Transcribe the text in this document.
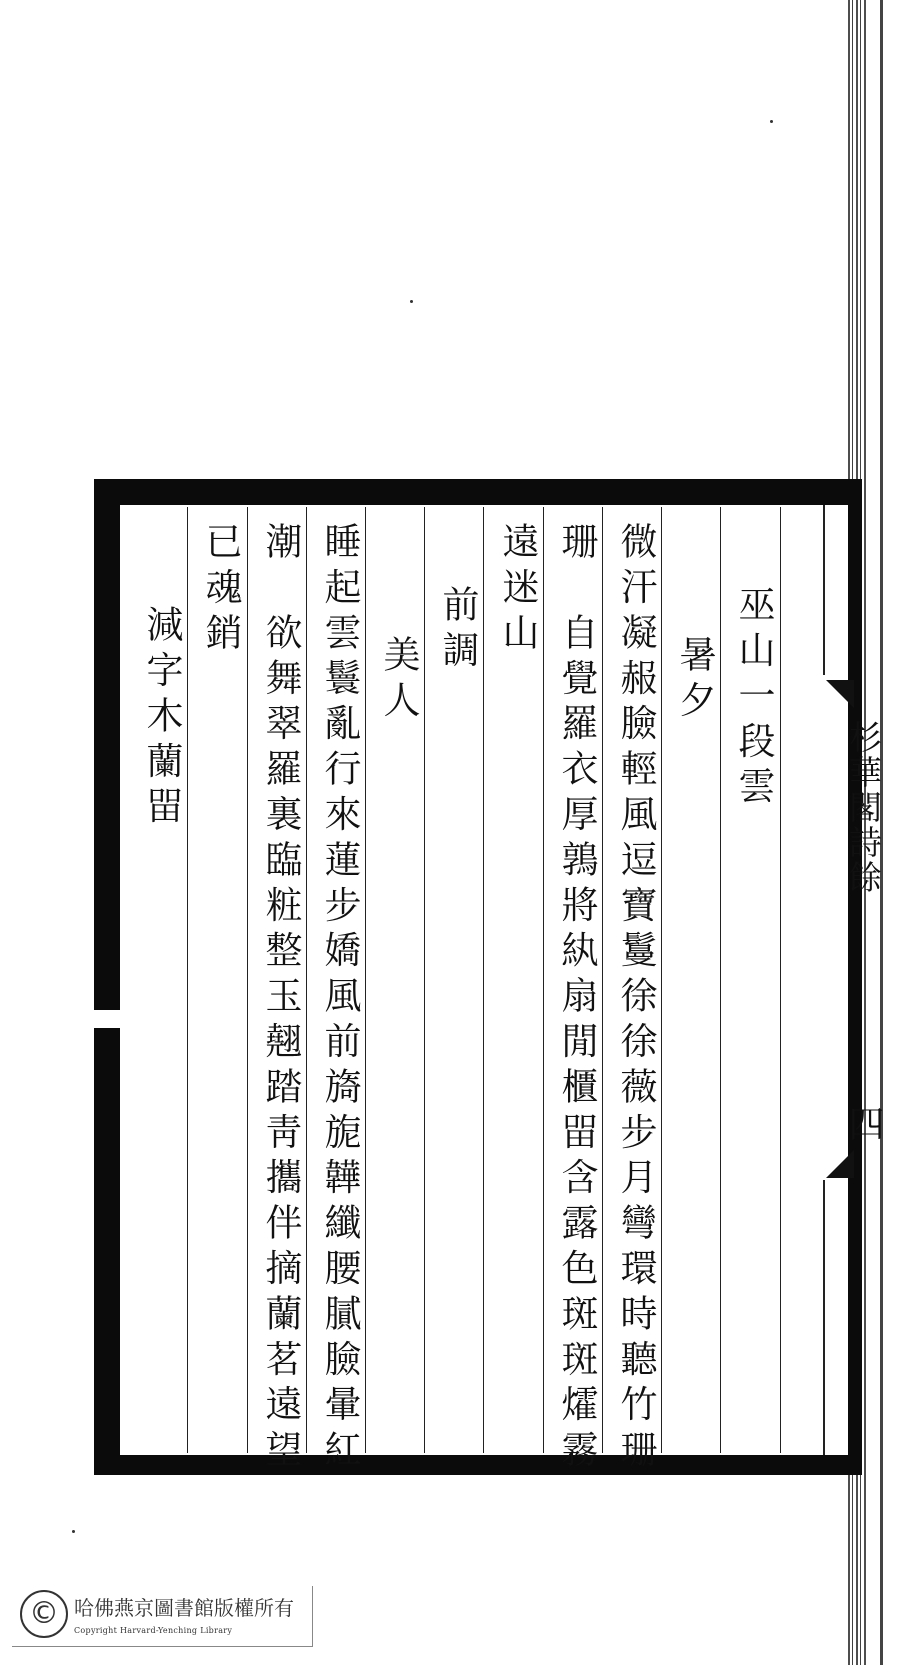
杉華閣詩餘
四
巫山一段雲
暑夕
微汗凝赧臉輕風逗寶鬘徐徐薇步月彎環時聽竹珊
珊　自覺羅衣厚鶉將紈扇閒櫃㽞含露色斑斑㸌霧
遠迷山
前調
美人
睡起雲鬟亂行來蓮步嬌風前旖旎韡纖腰膩臉暈紅
潮　欲舞翠羅裏臨粧整玉翹踏靑攜伴摘蘭茗遠望
已魂銷
減字木蘭㽞
© 哈佛燕京圖書館版權所有
Copyright Harvard-Yenching Library
